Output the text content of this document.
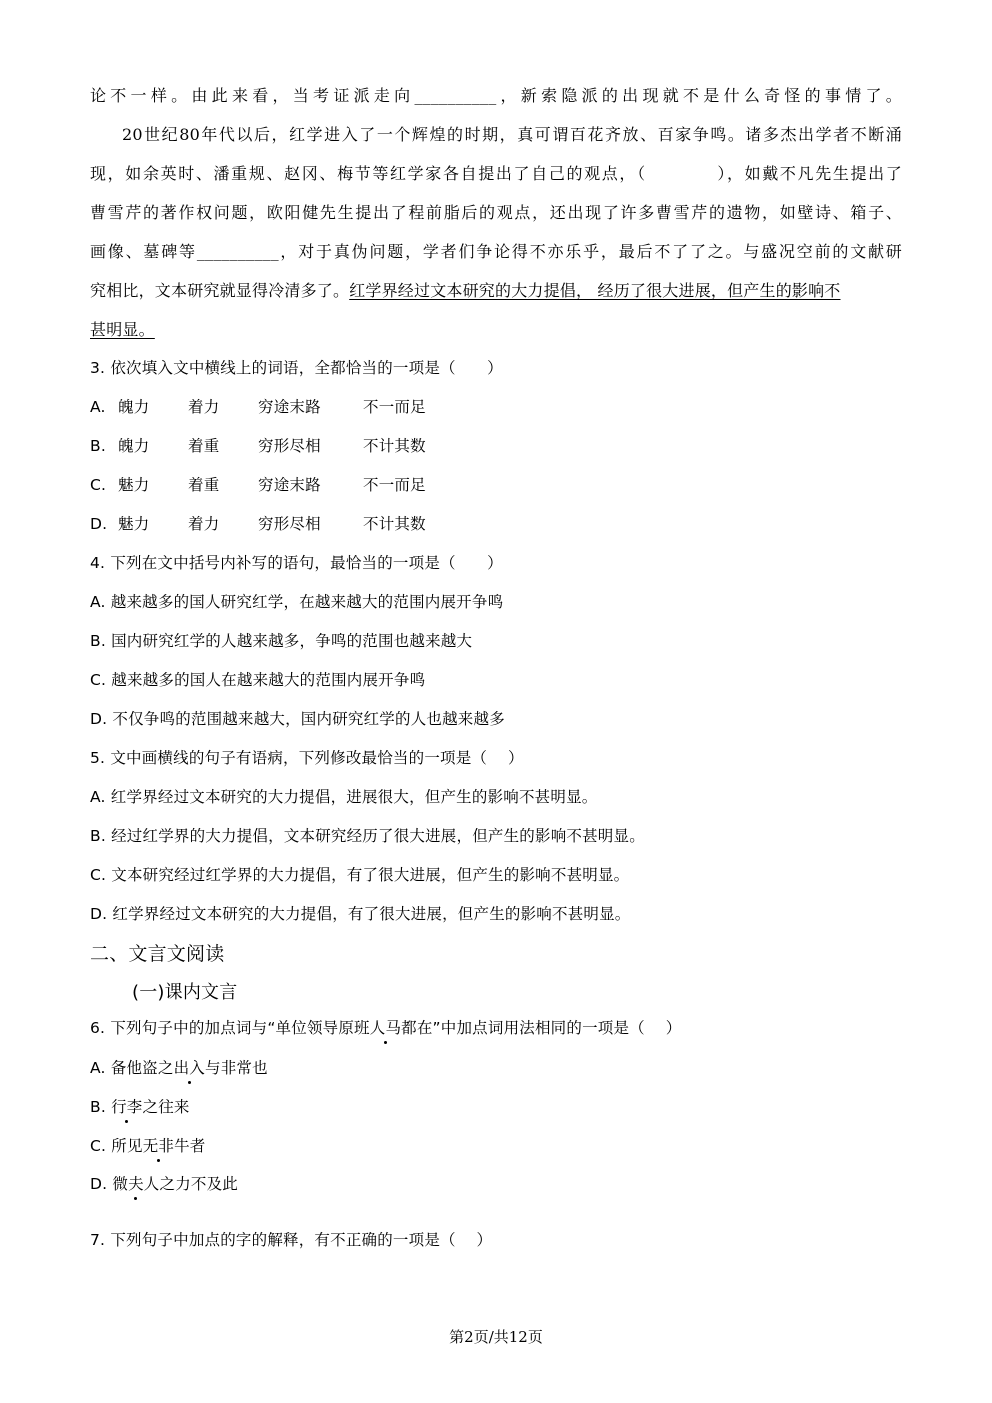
论不一样。由此来看，当考证派走向__________，新索隐派的出现就不是什么奇怪的事情了。
20世纪80年代以后，红学进入了一个辉煌的时期，真可谓百花齐放、百家争鸣。诸多杰出学者不断涌
现，如余英时、潘重规、赵冈、梅节等红学家各自提出了自己的观点，（　　　　），如戴不凡先生提出了
曹雪芹的著作权问题，欧阳健先生提出了程前脂后的观点，还出现了许多曹雪芹的遗物，如壁诗、箱子、
画像、墓碑等__________，对于真伪问题，学者们争论得不亦乐乎，最后不了了之。与盛况空前的文献研
究相比，文本研究就显得冷清多了。红学界经过文本研究的大力提倡， 经历了很大进展，但产生的影响不
甚明显。
3. 依次填入文中横线上的词语，全都恰当的一项是（　　）
A. 魄力 着力 穷途末路	不一而足
B. 魄力 着重 穷形尽相	不计其数
C. 魅力 着重 穷途末路	不一而足
D. 魅力 着力 穷形尽相	不计其数
4. 下列在文中括号内补写的语句，最恰当的一项是（　　）
A. 越来越多的国人研究红学，在越来越大的范围内展开争鸣
B. 国内研究红学的人越来越多，争鸣的范围也越来越大
C. 越来越多的国人在越来越大的范围内展开争鸣
D. 不仅争鸣的范围越来越大，国内研究红学的人也越来越多
5. 文中画横线的句子有语病，下列修改最恰当的一项是（　 ）
A. 红学界经过文本研究的大力提倡，进展很大，但产生的影响不甚明显。
B. 经过红学界的大力提倡，文本研究经历了很大进展，但产生的影响不甚明显。
C. 文本研究经过红学界的大力提倡，有了很大进展，但产生的影响不甚明显。
D. 红学界经过文本研究的大力提倡，有了很大进展，但产生的影响不甚明显。
二、文言文阅读
(一)课内文言
6. 下列句子中的加点词与“单位领导原班人马都在”中加点词用法相同的一项是（　 ）
A. 备他盗之出入与非常也
B. 行李之往来
C. 所见无非牛者
D. 微夫人之力不及此
7. 下列句子中加点的字的解释，有不正确的一项是（　 ）
第2页/共12页
